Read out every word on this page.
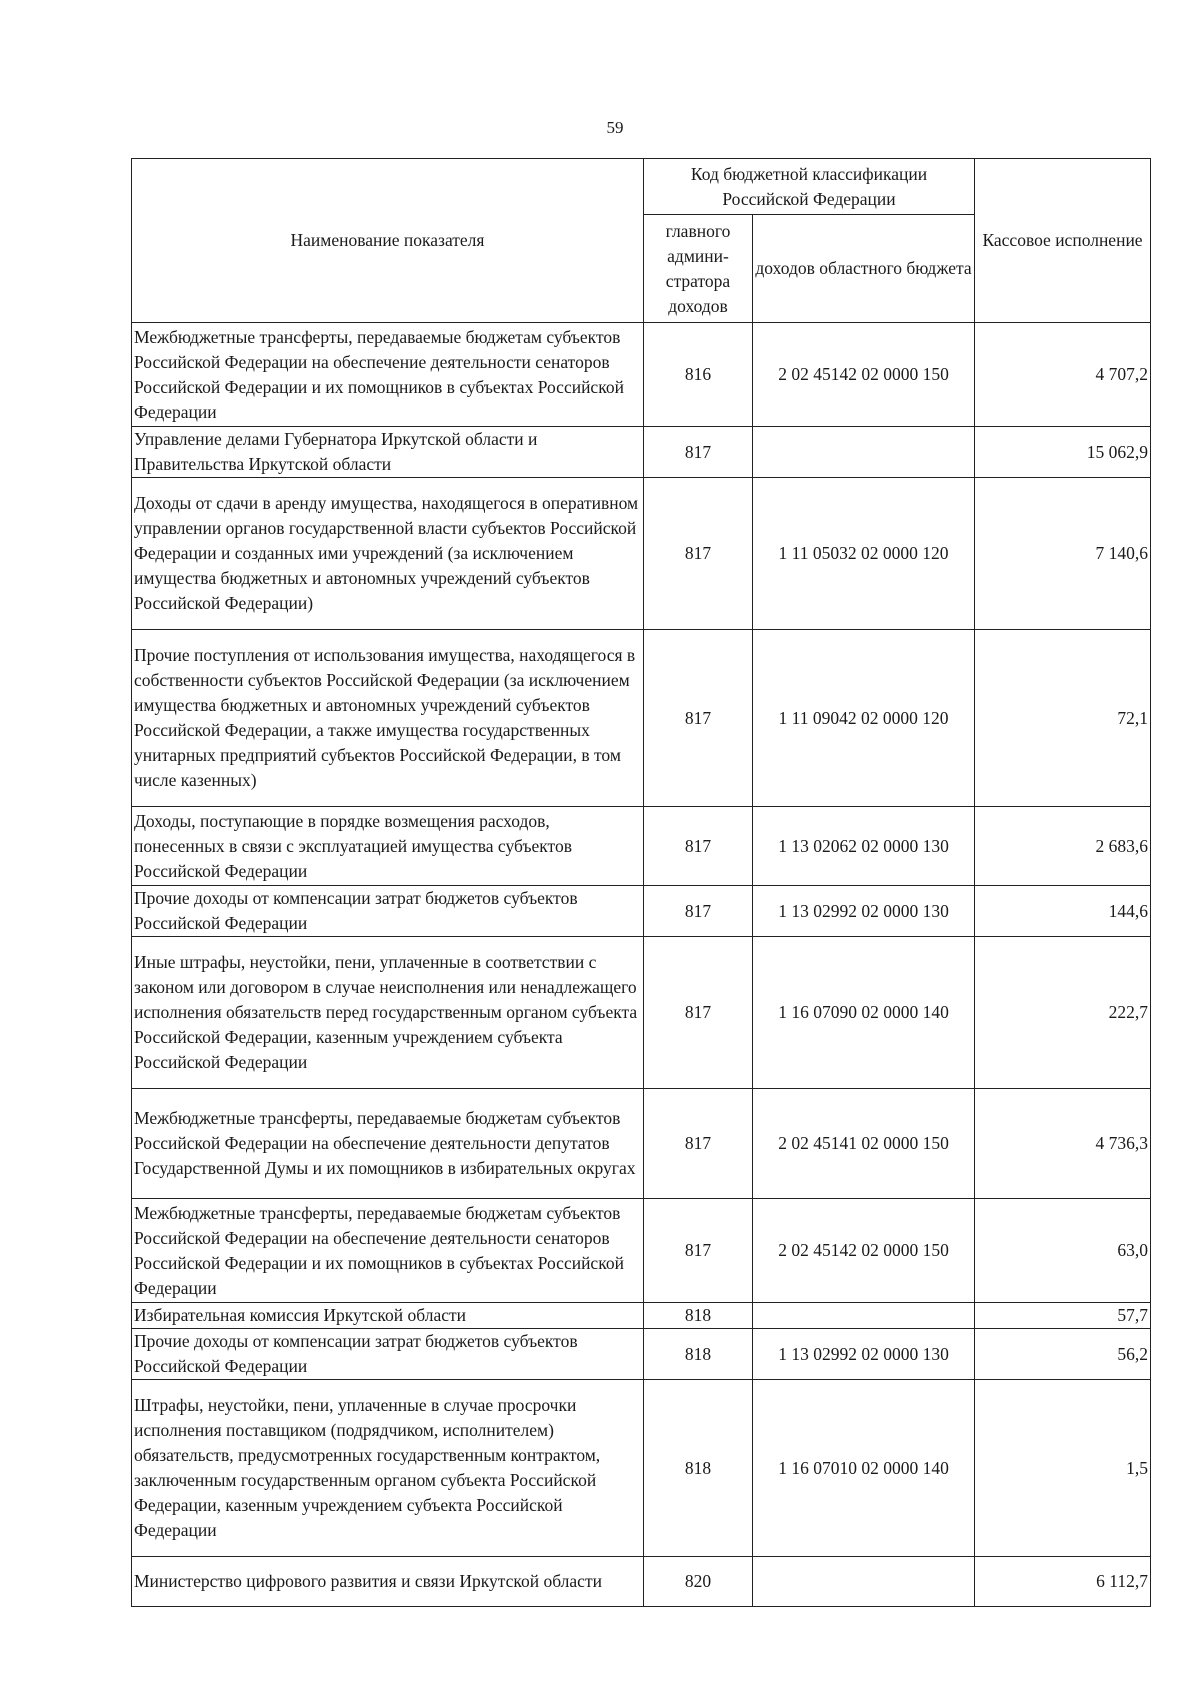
59
Наименование показателя	Код бюджетной классификации Российской Федерации		Кассовое исполнение
	главного админи-стратора доходов	доходов областного бюджета	
Межбюджетные трансферты, передаваемые бюджетам субъектов Российской Федерации на обеспечение деятельности сенаторов Российской Федерации и их помощников в субъектах Российской Федерации	816	2 02 45142 02 0000 150	4 707,2
Управление делами Губернатора Иркутской области и Правительства Иркутской области	817		15 062,9
Доходы от сдачи в аренду имущества, находящегося в оперативном управлении органов государственной власти субъектов Российской Федерации и созданных ими учреждений (за исключением имущества бюджетных и автономных учреждений субъектов Российской Федерации)	817	1 11 05032 02 0000 120	7 140,6
Прочие поступления от использования имущества, находящегося в собственности субъектов Российской Федерации (за исключением имущества бюджетных и автономных учреждений субъектов Российской Федерации, а также имущества государственных унитарных предприятий субъектов Российской Федерации, в том числе казенных)	817	1 11 09042 02 0000 120	72,1
Доходы, поступающие в порядке возмещения расходов, понесенных в связи с эксплуатацией имущества субъектов Российской Федерации	817	1 13 02062 02 0000 130	2 683,6
Прочие доходы от компенсации затрат бюджетов субъектов Российской Федерации	817	1 13 02992 02 0000 130	144,6
Иные штрафы, неустойки, пени, уплаченные в соответствии с законом или договором в случае неисполнения или ненадлежащего исполнения обязательств перед государственным органом субъекта Российской Федерации, казенным учреждением субъекта Российской Федерации	817	1 16 07090 02 0000 140	222,7
Межбюджетные трансферты, передаваемые бюджетам субъектов Российской Федерации на обеспечение деятельности депутатов Государственной Думы и их помощников в избирательных округах	817	2 02 45141 02 0000 150	4 736,3
Межбюджетные трансферты, передаваемые бюджетам субъектов Российской Федерации на обеспечение деятельности сенаторов Российской Федерации и их помощников в субъектах Российской Федерации	817	2 02 45142 02 0000 150	63,0
Избирательная комиссия Иркутской области	818		57,7
Прочие доходы от компенсации затрат бюджетов субъектов Российской Федерации	818	1 13 02992 02 0000 130	56,2
Штрафы, неустойки, пени, уплаченные в случае просрочки исполнения поставщиком (подрядчиком, исполнителем) обязательств, предусмотренных государственным контрактом, заключенным государственным органом субъекта Российской Федерации, казенным учреждением субъекта Российской Федерации	818	1 16 07010 02 0000 140	1,5
Министерство цифрового развития и связи Иркутской области	820		6 112,7
